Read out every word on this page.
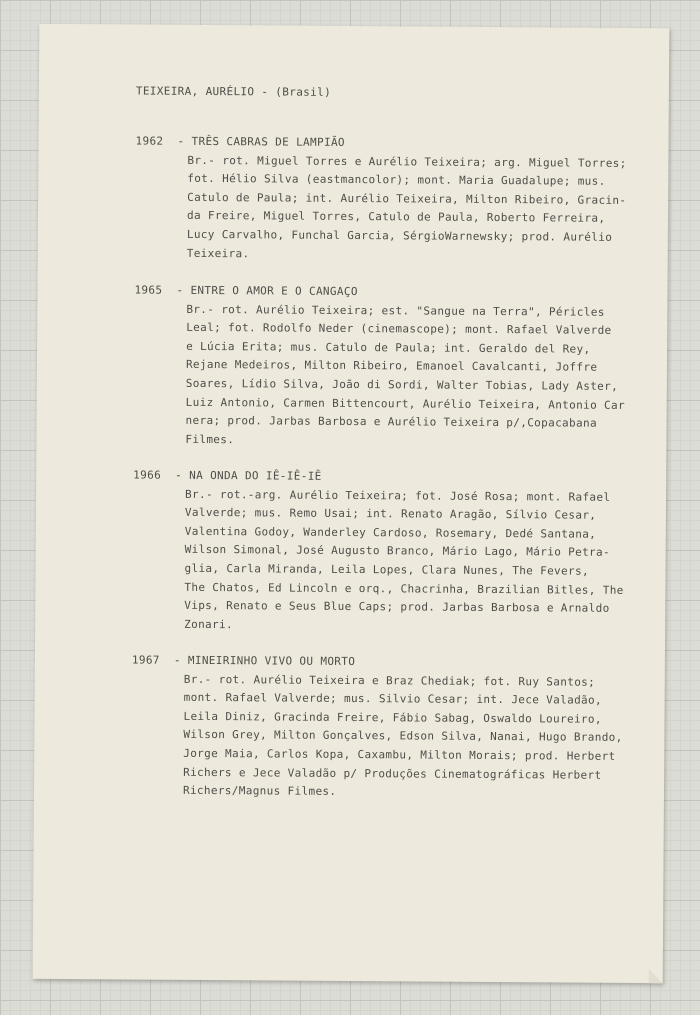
TEIXEIRA, AURÉLIO - (Brasil)
1962	- TRÊS CABRAS DE LAMPIÃO
Br.- rot. Miguel Torres e Aurélio Teixeira; arg. Miguel Torres;
fot. Hélio Silva (eastmancolor); mont. Maria Guadalupe; mus.
Catulo de Paula; int. Aurélio Teixeira, Milton Ribeiro, Gracin-
da Freire, Miguel Torres, Catulo de Paula, Roberto Ferreira,
Lucy Carvalho, Funchal Garcia, SérgioWarnewsky; prod. Aurélio
Teixeira.
1965	- ENTRE O AMOR E O CANGAÇO
Br.- rot. Aurélio Teixeira; est. "Sangue na Terra", Péricles
Leal; fot. Rodolfo Neder (cinemascope); mont. Rafael Valverde
e Lúcia Erita; mus. Catulo de Paula; int. Geraldo del Rey,
Rejane Medeiros, Milton Ribeiro, Emanoel Cavalcanti, Joffre
Soares, Lídio Silva, João di Sordi, Walter Tobias, Lady Aster,
Luiz Antonio, Carmen Bittencourt, Aurélio Teixeira, Antonio Car
nera; prod. Jarbas Barbosa e Aurélio Teixeira p/,Copacabana
Filmes.
1966	- NA ONDA DO IÊ-IÊ-IÊ
Br.- rot.-arg. Aurélio Teixeira; fot. José Rosa; mont. Rafael
Valverde; mus. Remo Usai; int. Renato Aragão, Sílvio Cesar,
Valentina Godoy, Wanderley Cardoso, Rosemary, Dedé Santana,
Wilson Simonal, José Augusto Branco, Mário Lago, Mário Petra-
glia, Carla Miranda, Leila Lopes, Clara Nunes, The Fevers,
The Chatos, Ed Lincoln e orq., Chacrinha, Brazilian Bitles, The
Vips, Renato e Seus Blue Caps; prod. Jarbas Barbosa e Arnaldo
Zonari.
1967	- MINEIRINHO VIVO OU MORTO
Br.- rot. Aurélio Teixeira e Braz Chediak; fot. Ruy Santos;
mont. Rafael Valverde; mus. Silvio Cesar; int. Jece Valadão,
Leila Diniz, Gracinda Freire, Fábio Sabag, Oswaldo Loureiro,
Wilson Grey, Milton Gonçalves, Edson Silva, Nanai, Hugo Brando,
Jorge Maia, Carlos Kopa, Caxambu, Milton Morais; prod. Herbert
Richers e Jece Valadão p/ Produções Cinematográficas Herbert
Richers/Magnus Filmes.
